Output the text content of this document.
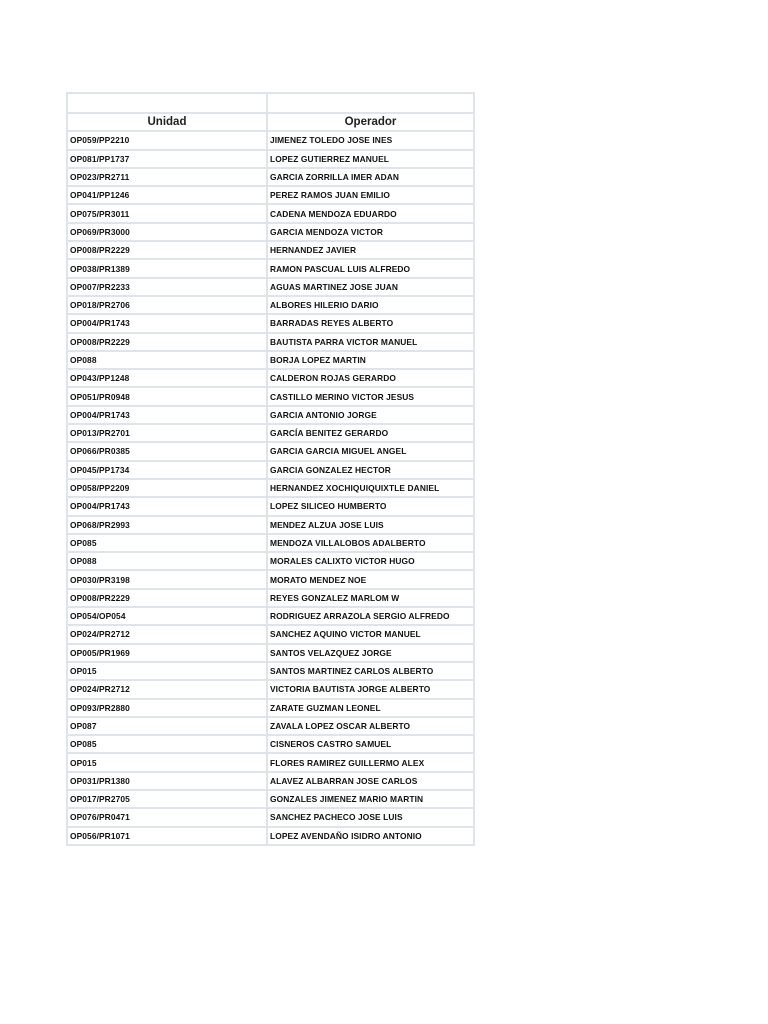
Unidad	Operador
OP059/PP2210	JIMENEZ TOLEDO JOSE INES
OP081/PP1737	LOPEZ GUTIERREZ MANUEL
OP023/PR2711	GARCIA ZORRILLA IMER ADAN
OP041/PP1246	PEREZ RAMOS JUAN EMILIO
OP075/PR3011	CADENA MENDOZA EDUARDO
OP069/PR3000	GARCIA MENDOZA VICTOR
OP008/PR2229	HERNANDEZ JAVIER
OP038/PR1389	RAMON PASCUAL LUIS ALFREDO
OP007/PR2233	AGUAS MARTINEZ JOSE JUAN
OP018/PR2706	ALBORES HILERIO DARIO
OP004/PR1743	BARRADAS REYES ALBERTO
OP008/PR2229	BAUTISTA PARRA VICTOR MANUEL
OP088	BORJA LOPEZ MARTIN
OP043/PP1248	CALDERON ROJAS GERARDO
OP051/PR0948	CASTILLO MERINO VICTOR JESUS
OP004/PR1743	GARCIA ANTONIO JORGE
OP013/PR2701	GARCÍA BENITEZ GERARDO
OP066/PR0385	GARCIA GARCIA MIGUEL ANGEL
OP045/PP1734	GARCIA GONZALEZ HECTOR
OP058/PP2209	HERNANDEZ XOCHIQUIQUIXTLE DANIEL
OP004/PR1743	LOPEZ SILICEO HUMBERTO
OP068/PR2993	MENDEZ ALZUA JOSE LUIS
OP085	MENDOZA VILLALOBOS ADALBERTO
OP088	MORALES CALIXTO VICTOR HUGO
OP030/PR3198	MORATO MENDEZ NOE
OP008/PR2229	REYES GONZALEZ MARLOM W
OP054/OP054	RODRIGUEZ ARRAZOLA SERGIO ALFREDO
OP024/PR2712	SANCHEZ AQUINO VICTOR MANUEL
OP005/PR1969	SANTOS VELAZQUEZ JORGE
OP015	SANTOS MARTINEZ CARLOS ALBERTO
OP024/PR2712	VICTORIA BAUTISTA JORGE ALBERTO
OP093/PR2880	ZARATE GUZMAN LEONEL
OP087	ZAVALA LOPEZ OSCAR ALBERTO
OP085	CISNEROS CASTRO SAMUEL
OP015	FLORES RAMIREZ GUILLERMO ALEX
OP031/PR1380	ALAVEZ ALBARRAN JOSE CARLOS
OP017/PR2705	GONZALES JIMENEZ MARIO MARTIN
OP076/PR0471	SANCHEZ PACHECO JOSE LUIS
OP056/PR1071	LOPEZ AVENDAÑO ISIDRO ANTONIO
